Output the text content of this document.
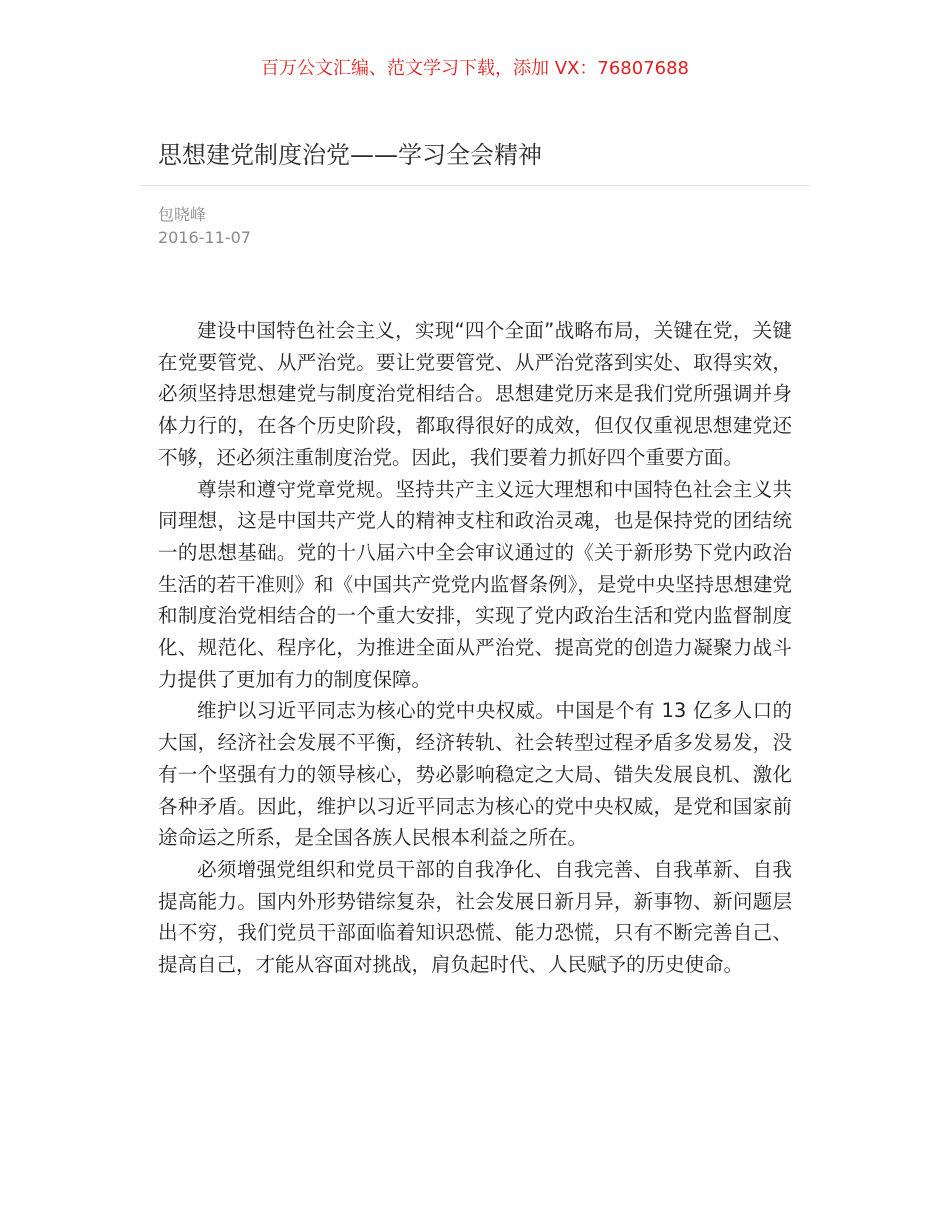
百万公文汇编、范文学习下载，添加 VX：76807688
思想建党制度治党——学习全会精神
包晓峰
2016-11-07

建设中国特色社会主义，实现“四个全面”战略布局，关键在党，关键在党要管党、从严治党。要让党要管党、从严治党落到实处、取得实效，必须坚持思想建党与制度治党相结合。思想建党历来是我们党所强调并身体力行的，在各个历史阶段，都取得很好的成效，但仅仅重视思想建党还不够，还必须注重制度治党。因此，我们要着力抓好四个重要方面。

尊崇和遵守党章党规。坚持共产主义远大理想和中国特色社会主义共同理想，这是中国共产党人的精神支柱和政治灵魂，也是保持党的团结统一的思想基础。党的十八届六中全会审议通过的《关于新形势下党内政治生活的若干准则》和《中国共产党党内监督条例》，是党中央坚持思想建党和制度治党相结合的一个重大安排，实现了党内政治生活和党内监督制度化、规范化、程序化，为推进全面从严治党、提高党的创造力凝聚力战斗力提供了更加有力的制度保障。

维护以习近平同志为核心的党中央权威。中国是个有 13 亿多人口的大国，经济社会发展不平衡，经济转轨、社会转型过程矛盾多发易发，没有一个坚强有力的领导核心，势必影响稳定之大局、错失发展良机、激化各种矛盾。因此，维护以习近平同志为核心的党中央权威，是党和国家前途命运之所系，是全国各族人民根本利益之所在。

必须增强党组织和党员干部的自我净化、自我完善、自我革新、自我提高能力。国内外形势错综复杂，社会发展日新月异，新事物、新问题层出不穷，我们党员干部面临着知识恐慌、能力恐慌，只有不断完善自己、提高自己，才能从容面对挑战，肩负起时代、人民赋予的历史使命。
